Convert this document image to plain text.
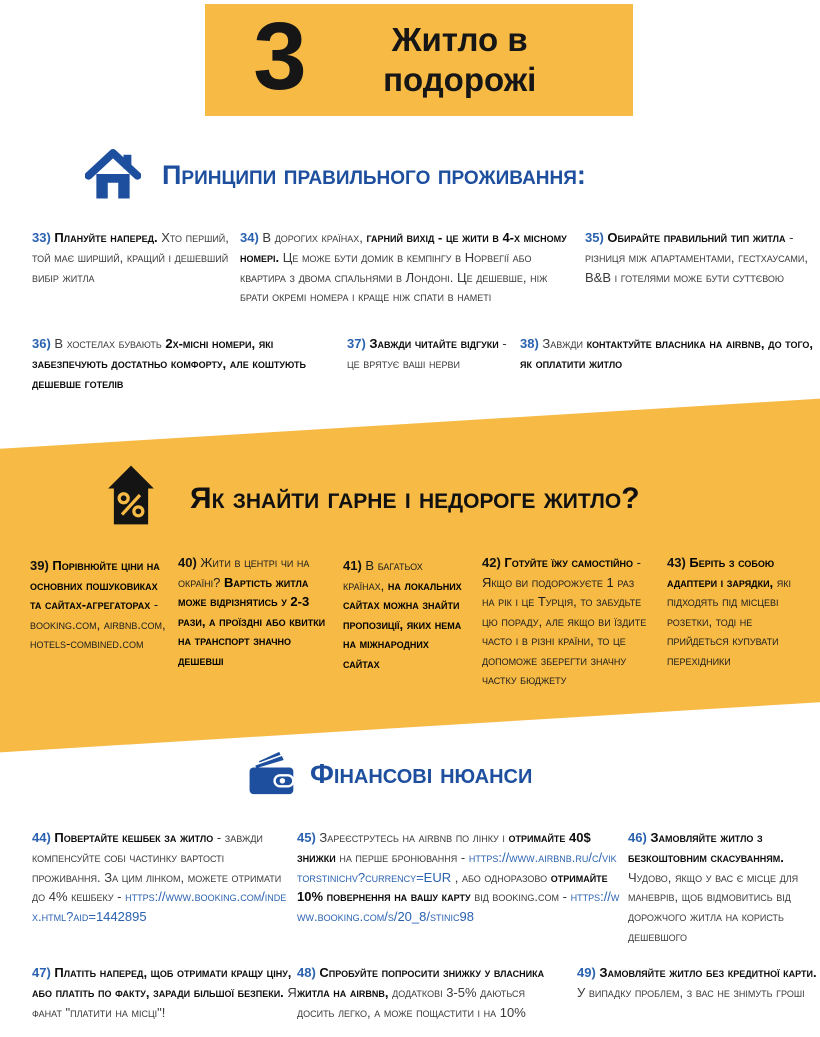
3	Житло в подорожі
Принципи правильного проживання:

33) Плануйте наперед. Хто перший, той має ширший, кращий і дешевший вибір житла

34) В дорогих країнах, гарний вихід - це жити в 4-х місному номері. Це може бути домик в кемпінгу в Норвегії або квартира з двома спальнями в Лондоні. Це дешевше, ніж брати окремі номера і краще ніж спати в наметі

35) Обирайте правильний тип житла - різниця між апартаментами, гестхаусами, B&B і готелями може бути суттєвою

36) В хостелах бувають 2х-місні номери, які забезпечують достатньо комфорту, але коштують дешевше готелів

37) Завжди читайте відгуки - це врятує ваші нерви

38) Завжди контактуйте власника на airbnb, до того, як оплатити житло

Як знайти гарне і недороге житло?

39) Порівнюйте ціни на основних пошуковиках та сайтах-агрегаторах - booking.com, airbnb.com, hotels-combined.com

40) Жити в центрі чи на окраїні? Вартість житла може відрізнятись у 2-3 рази, а проїздні або квитки на транспорт значно дешевші

41) В багатьох країнах, на локальних сайтах можна знайти пропозиції, яких нема на міжнародних сайтах

42) Готуйте їжу самостійно - Якщо ви подорожуєте 1 раз на рік і це Турція, то забудьте цю пораду, але якщо ви їздите часто і в різні країни, то це допоможе зберегти значну частку бюджету

43) Беріть з собою адаптери і зарядки, які підходять під місцеві розетки, тоді не прийдеться купувати перехідники

Фінансові нюанси

44) Повертайте кешбек за житло - завжди компенсуйте собі частинку вартості проживання. За цим лінком, можете отримати до 4% кешбеку - https://www.booking.com/index.html?aid=1442895

45) Зареєструтесь на airbnb по лінку і отримайте 40$ знижки на перше бронювання - https://www.airbnb.ru/c/viktorstinichv?currency=EUR , або одноразово отримайте 10% повернення на вашу карту від booking.com - https://www.booking.com/s/20_8/stinic98

46) Замовляйте житло з безкоштовним скасуванням. Чудово, якщо у вас є місце для маневрів, щоб відмовитись від дорожчого житла на користь дешевшого

47) Платіть наперед, щоб отримати кращу ціну, або платіть по факту, заради більшої безпеки. Я фанат "платити на місці"!

48) Спробуйте попросити знижку у власника житла на airbnb, додаткові 3-5% даються досить легко, а може пощастити і на 10%

49) Замовляйте житло без кредитної карти. У випадку проблем, з вас не знімуть гроші
